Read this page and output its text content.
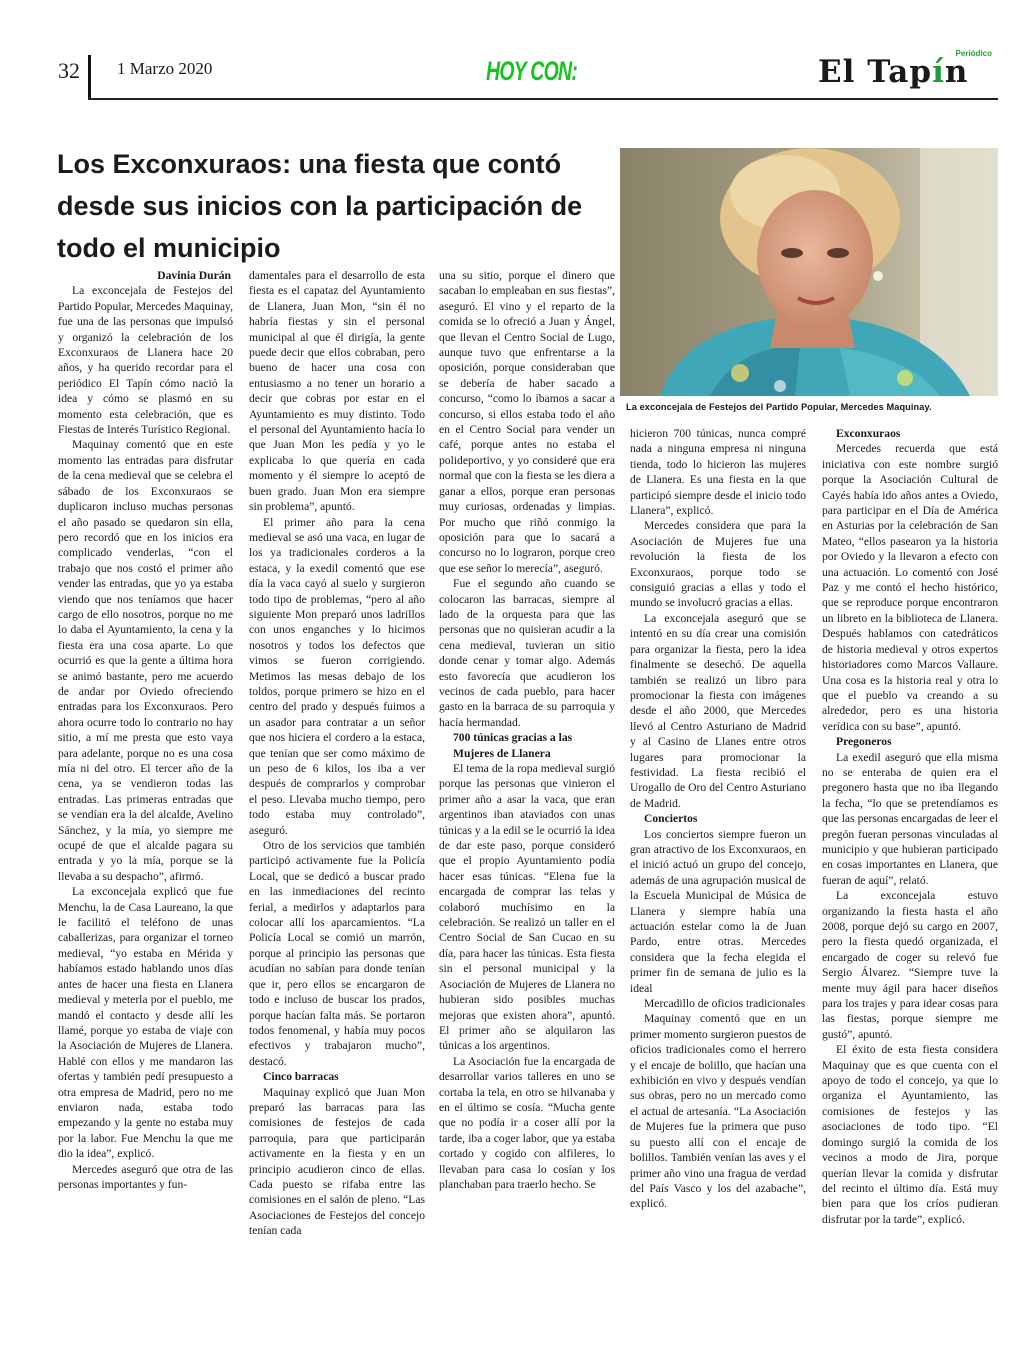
32 1 Marzo 2020	HOY CON:
Periódico
El Tapín
Los Exconxuraos: una fiesta que contó desde sus inicios con la participación de todo el municipio
La exconcejala de Festejos del Partido Popular, Mercedes Maquinay.

Davinia Durán

La exconcejala de Festejos del Partido Popular, Mercedes Maquinay, fue una de las personas que impulsó y organizó la celebración de los Exconxuraos de Llanera hace 20 años, y ha querido recordar para el periódico El Tapín cómo nació la idea y cómo se plasmó en su momento esta celebración, que es Fiestas de Interés Turístico Regional.

Maquinay comentó que en este momento las entradas para disfrutar de la cena medieval que se celebra el sábado de los Exconxuraos se duplicaron incluso muchas personas el año pasado se quedaron sin ella, pero recordó que en los inicios era complicado venderlas, “con el trabajo que nos costó el primer año vender las entradas, que yo ya estaba viendo que nos teníamos que hacer cargo de ello nosotros, porque no me lo daba el Ayuntamiento, la cena y la fiesta era una cosa aparte. Lo que ocurrió es que la gente a última hora se animó bastante, pero me acuerdo de andar por Oviedo ofreciendo entradas para los Exconxuraos. Pero ahora ocurre todo lo contrario no hay sitio, a mí me presta que esto vaya para adelante, porque no es una cosa mía ni del otro. El tercer año de la cena, ya se vendieron todas las entradas. Las primeras entradas que se vendían era la del alcalde, Avelino Sánchez, y la mía, yo siempre me ocupé de que el alcalde pagara su entrada y yo la mía, porque se la llevaba a su despacho”, afirmó.

La exconcejala explicó que fue Menchu, la de Casa Laureano, la que le facilitó el teléfono de unas caballerizas, para organizar el torneo medieval, “yo estaba en Mérida y habíamos estado hablando unos días antes de hacer una fiesta en Llanera medieval y meterla por el pueblo, me mandó el contacto y desde allí les llamé, porque yo estaba de viaje con la Asociación de Mujeres de Llanera. Hablé con ellos y me mandaron las ofertas y también pedí presupuesto a otra empresa de Madrid, pero no me enviaron nada, estaba todo empezando y la gente no estaba muy por la labor. Fue Menchu la que me dio la idea”, explicó.

Mercedes aseguró que otra de las personas importantes y fun-

damentales para el desarrollo de esta fiesta es el capataz del Ayuntamiento de Llanera, Juan Mon, “sin él no habría fiestas y sin el personal municipal al que él dirigía, la gente puede decir que ellos cobraban, pero bueno de hacer una cosa con entusiasmo a no tener un horario a decir que cobras por estar en el Ayuntamiento es muy distinto. Todo el personal del Ayuntamiento hacía lo que Juan Mon les pedía y yo le explicaba lo que quería en cada momento y él siempre lo aceptó de buen grado. Juan Mon era siempre sin problema”, apuntó.

El primer año para la cena medieval se asó una vaca, en lugar de los ya tradicionales corderos a la estaca, y la exedil comentó que ese día la vaca cayó al suelo y surgieron todo tipo de problemas, “pero al año siguiente Mon preparó unos ladrillos con unos enganches y lo hicimos nosotros y todos los defectos que vimos se fueron corrigiendo. Metimos las mesas debajo de los toldos, porque primero se hizo en el centro del prado y después fuimos a un asador para contratar a un señor que nos hiciera el cordero a la estaca, que tenían que ser como máximo de un peso de 6 kilos, los iba a ver después de comprarlos y comprobar el peso. Llevaba mucho tiempo, pero todo estaba muy controlado”, aseguró.

Otro de los servicios que también participó activamente fue la Policía Local, que se dedicó a buscar prado en las inmediaciones del recinto ferial, a medirlos y adaptarlos para colocar allí los aparcamientos. “La Policía Local se comió un marrón, porque al principio las personas que acudían no sabían para donde tenían que ir, pero ellos se encargaron de todo e incluso de buscar los prados, porque hacían falta más. Se portaron todos fenomenal, y había muy pocos efectivos y trabajaron mucho”, destacó.

Cinco barracas

Maquinay explicó que Juan Mon preparó las barracas para las comisiones de festejos de cada parroquia, para que participarán activamente en la fiesta y en un principio acudieron cinco de ellas. Cada puesto se rifaba entre las comisiones en el salón de pleno. “Las Asociaciones de Festejos del concejo tenían cada

una su sitio, porque el dinero que sacaban lo empleaban en sus fiestas”, aseguró. El vino y el reparto de la comida se lo ofreció a Juan y Ángel, que llevan el Centro Social de Lugo, aunque tuvo que enfrentarse a la oposición, porque consideraban que se debería de haber sacado a concurso, “como lo íbamos a sacar a concurso, si ellos estaba todo el año en el Centro Social para vender un café, porque antes no estaba el polideportivo, y yo consideré que era normal que con la fiesta se les diera a ganar a ellos, porque eran personas muy curiosas, ordenadas y limpias. Por mucho que riñó conmigo la oposición para que lo sacará a concurso no lo lograron, porque creo que ese señor lo merecía”, aseguró.

Fue el segundo año cuando se colocaron las barracas, siempre al lado de la orquesta para que las personas que no quisieran acudir a la cena medieval, tuvieran un sitio donde cenar y tomar algo. Además esto favorecía que acudieron los vecinos de cada pueblo, para hacer gasto en la barraca de su parroquia y hacía hermandad.

700 túnicas gracias a las Mujeres de Llanera

El tema de la ropa medieval surgió porque las personas que vinieron el primer año a asar la vaca, que eran argentinos iban ataviados con unas túnicas y a la edil se le ocurrió la idea de dar este paso, porque consideró que el propio Ayuntamiento podía hacer esas túnicas. “Elena fue la encargada de comprar las telas y colaboró muchísimo en la celebración. Se realizó un taller en el Centro Social de San Cucao en su día, para hacer las túnicas. Esta fiesta sin el personal municipal y la Asociación de Mujeres de Llanera no hubieran sido posibles muchas mejoras que existen ahora”, apuntó. El primer año se alquilaron las túnicas a los argentinos.

La Asociación fue la encargada de desarrollar varios talleres en uno se cortaba la tela, en otro se hilvanaba y en el último se cosía. “Mucha gente que no podía ir a coser allí por la tarde, iba a coger labor, que ya estaba cortado y cogido con alfileres, lo llevaban para casa lo cosían y los planchaban para traerlo hecho. Se

hicieron 700 túnicas, nunca compré nada a ninguna empresa ni ninguna tienda, todo lo hicieron las mujeres de Llanera. Es una fiesta en la que participó siempre desde el inicio todo Llanera”, explicó.

Mercedes considera que para la Asociación de Mujeres fue una revolución la fiesta de los Exconxuraos, porque todo se consiguió gracias a ellas y todo el mundo se involucró gracias a ellas.

La exconcejala aseguró que se intentó en su día crear una comisión para organizar la fiesta, pero la idea finalmente se desechó. De aquella también se realizó un libro para promocionar la fiesta con imágenes desde el año 2000, que Mercedes llevó al Centro Asturiano de Madrid y al Casino de Llanes entre otros lugares para promocionar la festividad. La fiesta recibió el Urogallo de Oro del Centro Asturiano de Madrid.

Conciertos

Los conciertos siempre fueron un gran atractivo de los Exconxuraos, en el inició actuó un grupo del concejo, además de una agrupación musical de la Escuela Municipal de Música de Llanera y siempre había una actuación estelar como la de Juan Pardo, entre otras. Mercedes considera que la fecha elegida el primer fin de semana de julio es la ideal

Mercadillo de oficios tradicionales

Maquinay comentó que en un primer momento surgieron puestos de oficios tradicionales como el herrero y el encaje de bolillo, que hacían una exhibición en vivo y después vendían sus obras, pero no un mercado como el actual de artesanía. “La Asociación de Mujeres fue la primera que puso su puesto allí con el encaje de bolillos. También venían las aves y el primer año vino una fragua de verdad del País Vasco y los del azabache”, explicó.

Exconxuraos

Mercedes recuerda que está iniciativa con este nombre surgió porque la Asociación Cultural de Cayés había ido años antes a Oviedo, para participar en el Día de América en Asturias por la celebración de San Mateo, “ellos pasearon ya la historia por Oviedo y la llevaron a efecto con una actuación. Lo comentó con José Paz y me contó el hecho histórico, que se reproduce porque encontraron un libreto en la biblioteca de Llanera. Después hablamos con catedráticos de historia medieval y otros expertos historiadores como Marcos Vallaure. Una cosa es la historia real y otra lo que el pueblo va creando a su alrededor, pero es una historia verídica con su base”, apuntó.

Pregoneros

La exedil aseguró que ella misma no se enteraba de quien era el pregonero hasta que no iba llegando la fecha, “lo que se pretendíamos es que las personas encargadas de leer el pregón fueran personas vinculadas al municipio y que hubieran participado en cosas importantes en Llanera, que fueran de aquí”, relató.

La exconcejala estuvo organizando la fiesta hasta el año 2008, porque dejó su cargo en 2007, pero la fiesta quedó organizada, el encargado de coger su relevó fue Sergio Álvarez. “Siempre tuve la mente muy ágil para hacer diseños para los trajes y para idear cosas para las fiestas, porque siempre me gustó”, apuntó.

El éxito de esta fiesta considera Maquinay que es que cuenta con el apoyo de todo el concejo, ya que lo organiza el Ayuntamiento, las comisiones de festejos y las asociaciones de todo tipo. “El domingo surgió la comida de los vecinos a modo de Jira, porque querían llevar la comida y disfrutar del recinto el último día. Está muy bien para que los críos pudieran disfrutar por la tarde”, explicó.
